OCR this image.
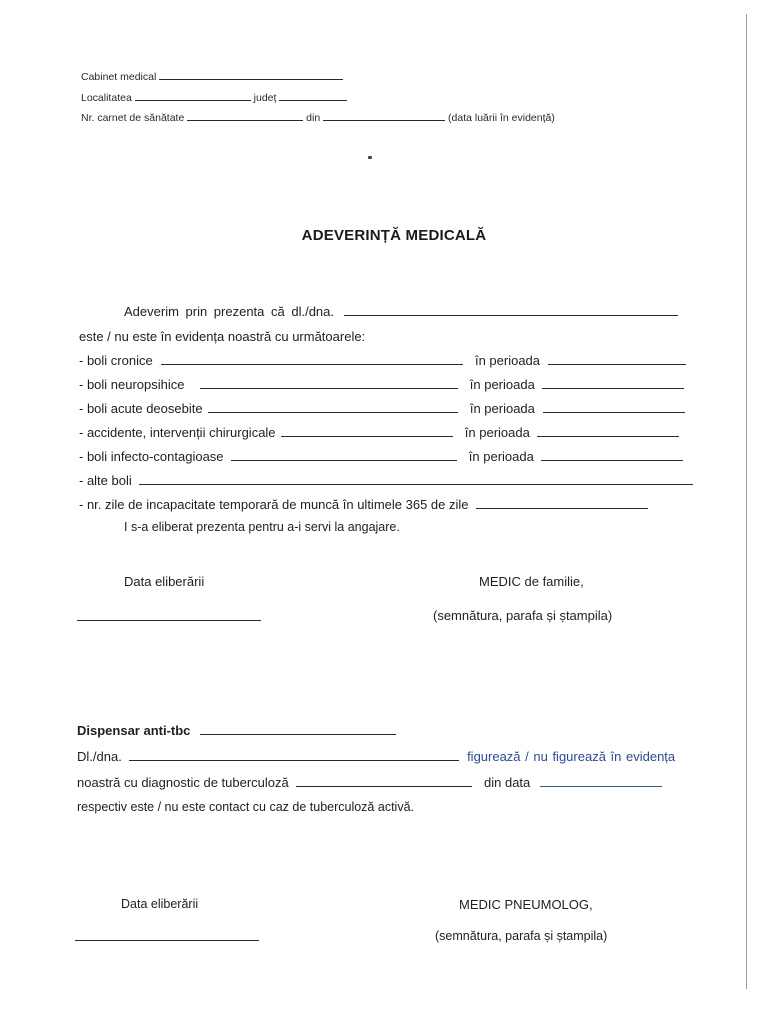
Cabinet medical
Localitatea	județ
Nr. carnet de sănătate	din	(data luării în evidență)
ADEVERINȚĂ MEDICALĂ
Adeverim prin prezenta că dl./dna.
este / nu este în evidența noastră cu următoarele:
- boli cronice	în perioada
- boli neuropsihice	în perioada
- boli acute deosebite	în perioada
- accidente, intervenții chirurgicale	în perioada
- boli infecto-contagioase	în perioada
- alte boli
- nr. zile de incapacitate temporară de muncă în ultimele 365 de zile
I s-a eliberat prezenta pentru a-i servi la angajare.
Data eliberării	MEDIC de familie,
(semnătura, parafa și ștampila)
Dispensar anti-tbc
Dl./dna.	figurează / nu figurează în evidența
noastră cu diagnostic de tuberculoză	din data
respectiv este / nu este contact cu caz de tuberculoză activă.
Data eliberării	MEDIC PNEUMOLOG,
(semnătura, parafa și ștampila)
